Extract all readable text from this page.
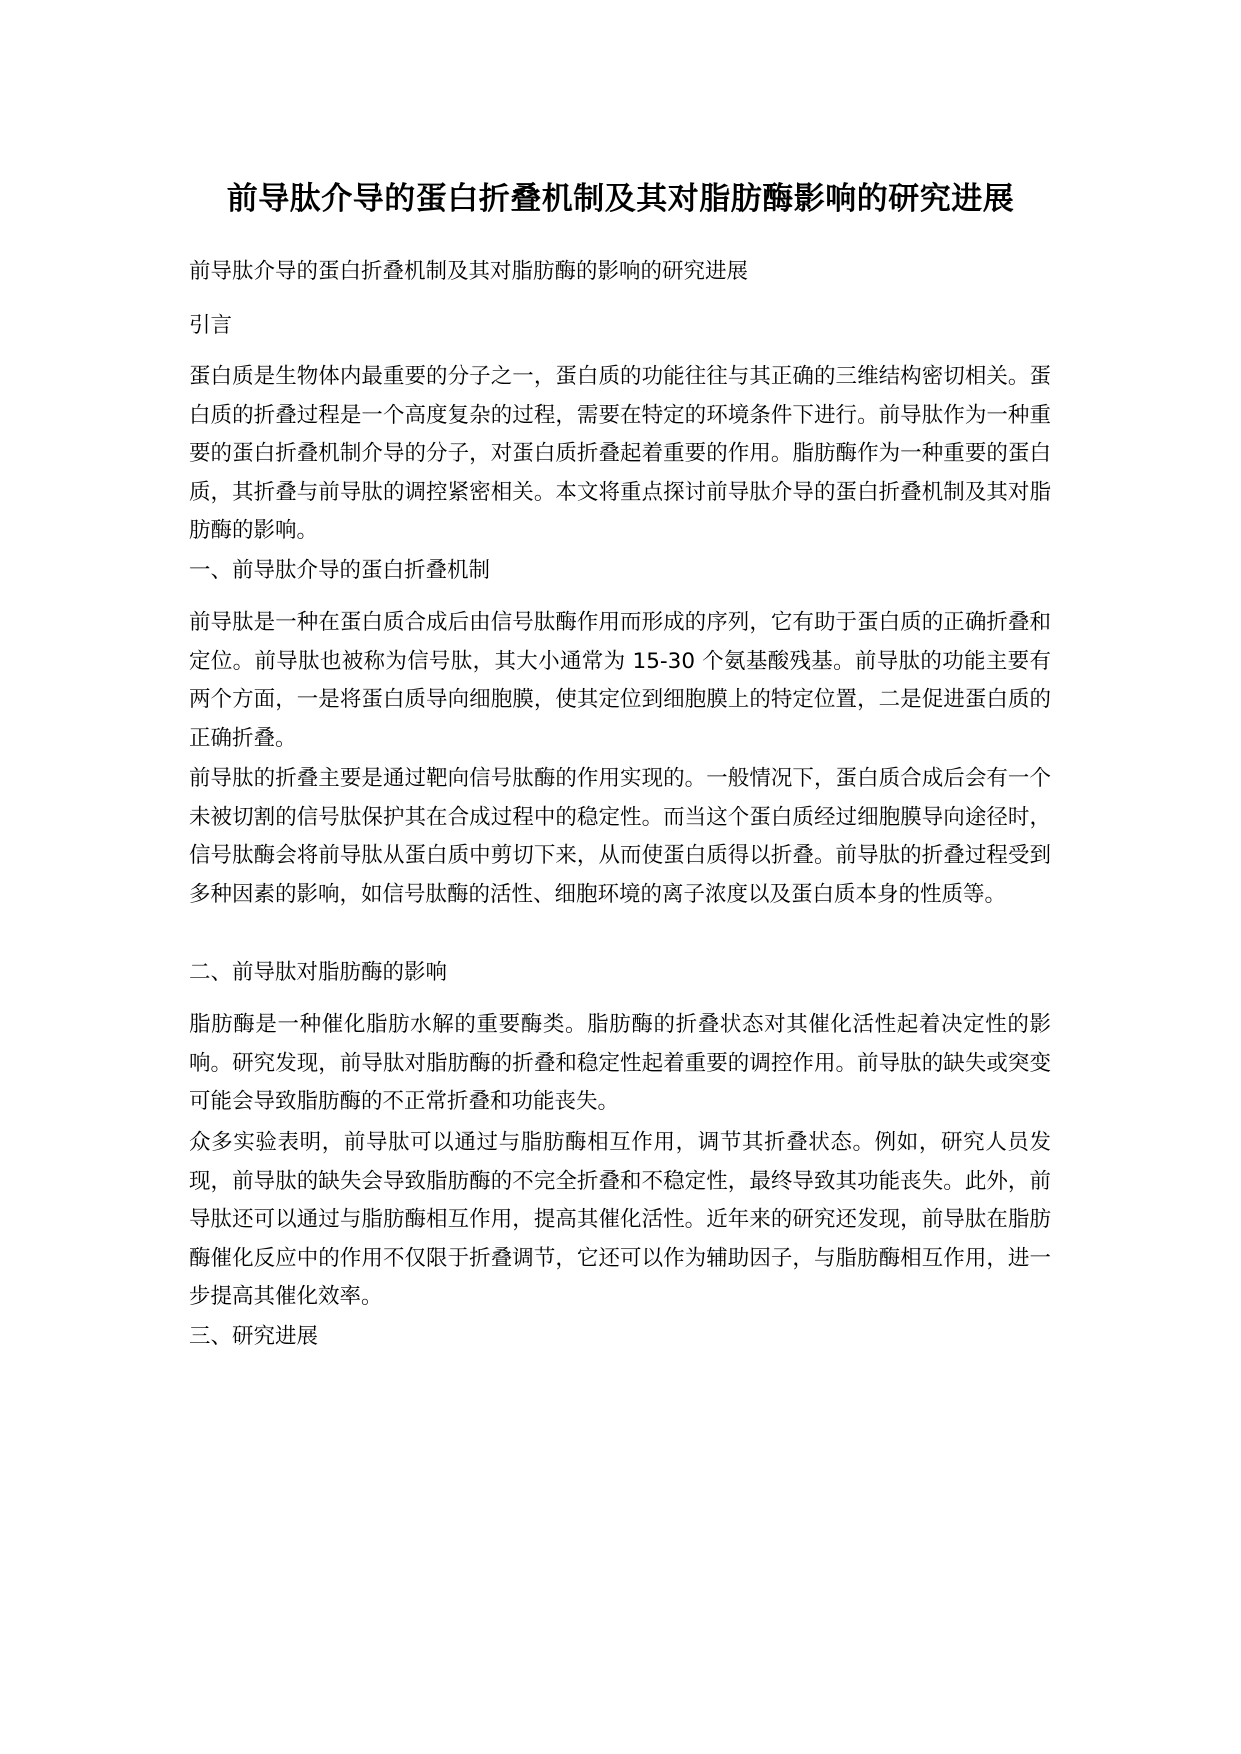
前导肽介导的蛋白折叠机制及其对脂肪酶影响的研究进展

前导肽介导的蛋白折叠机制及其对脂肪酶的影响的研究进展

引言

蛋白质是生物体内最重要的分子之一，蛋白质的功能往往与其正确的三维结构密切相关。蛋白质的折叠过程是一个高度复杂的过程，需要在特定的环境条件下进行。前导肽作为一种重要的蛋白折叠机制介导的分子，对蛋白质折叠起着重要的作用。脂肪酶作为一种重要的蛋白质，其折叠与前导肽的调控紧密相关。本文将重点探讨前导肽介导的蛋白折叠机制及其对脂肪酶的影响。

一、前导肽介导的蛋白折叠机制

前导肽是一种在蛋白质合成后由信号肽酶作用而形成的序列，它有助于蛋白质的正确折叠和定位。前导肽也被称为信号肽，其大小通常为 15-30 个氨基酸残基。前导肽的功能主要有两个方面，一是将蛋白质导向细胞膜，使其定位到细胞膜上的特定位置，二是促进蛋白质的正确折叠。

前导肽的折叠主要是通过靶向信号肽酶的作用实现的。一般情况下，蛋白质合成后会有一个未被切割的信号肽保护其在合成过程中的稳定性。而当这个蛋白质经过细胞膜导向途径时，信号肽酶会将前导肽从蛋白质中剪切下来，从而使蛋白质得以折叠。前导肽的折叠过程受到多种因素的影响，如信号肽酶的活性、细胞环境的离子浓度以及蛋白质本身的性质等。

二、前导肽对脂肪酶的影响

脂肪酶是一种催化脂肪水解的重要酶类。脂肪酶的折叠状态对其催化活性起着决定性的影响。研究发现，前导肽对脂肪酶的折叠和稳定性起着重要的调控作用。前导肽的缺失或突变可能会导致脂肪酶的不正常折叠和功能丧失。

众多实验表明，前导肽可以通过与脂肪酶相互作用，调节其折叠状态。例如，研究人员发现，前导肽的缺失会导致脂肪酶的不完全折叠和不稳定性，最终导致其功能丧失。此外，前导肽还可以通过与脂肪酶相互作用，提高其催化活性。近年来的研究还发现，前导肽在脂肪酶催化反应中的作用不仅限于折叠调节，它还可以作为辅助因子，与脂肪酶相互作用，进一步提高其催化效率。

三、研究进展
